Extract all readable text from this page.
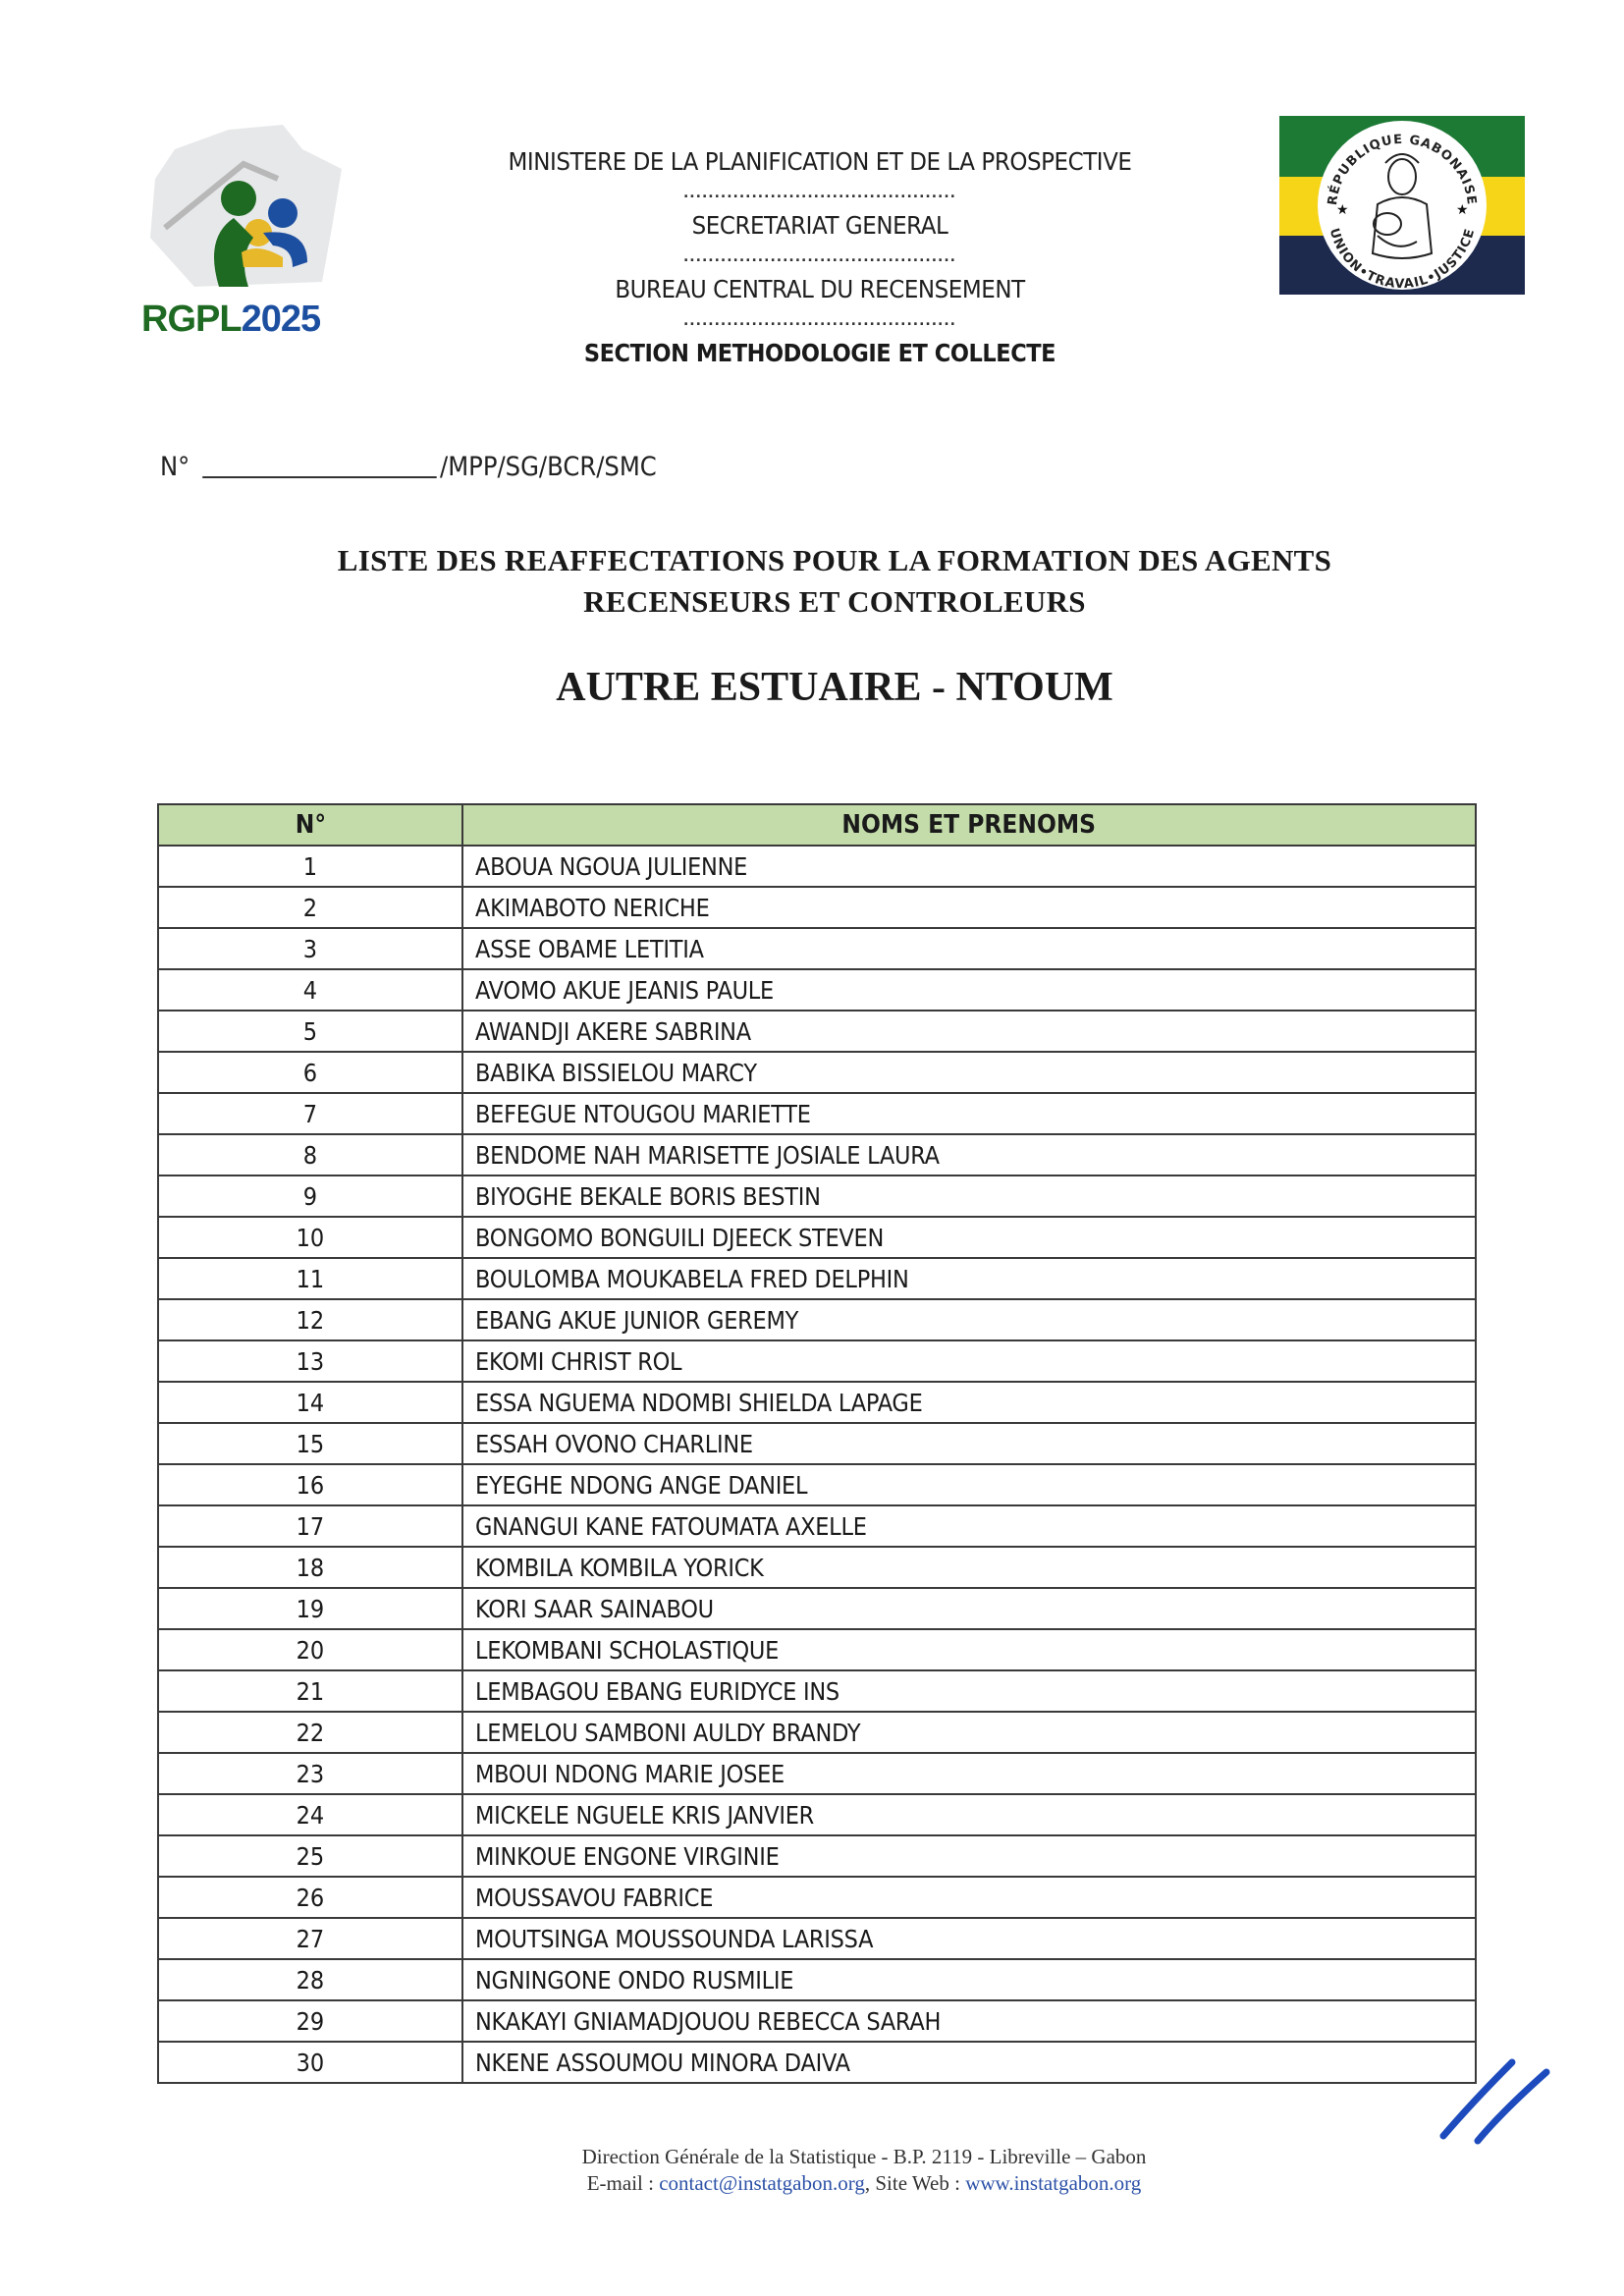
RGPL2025
MINISTERE DE LA PLANIFICATION ET DE LA PROSPECTIVE
............................................
SECRETARIAT GENERAL
............................................
BUREAU CENTRAL DU RECENSEMENT
............................................
SECTION METHODOLOGIE ET COLLECTE
RÉPUBLIQUE GABONAISE
UNION•TRAVAIL•JUSTICE
★	★
N°	/MPP/SG/BCR/SMC
LISTE DES REAFFECTATIONS POUR LA FORMATION DES AGENTS
RECENSEURS ET CONTROLEURS
AUTRE ESTUAIRE - NTOUM
N°	NOMS ET PRENOMS
1	ABOUA NGOUA JULIENNE
2	AKIMABOTO NERICHE
3	ASSE OBAME LETITIA
4	AVOMO AKUE JEANIS PAULE
5	AWANDJI AKERE SABRINA
6	BABIKA BISSIELOU MARCY
7	BEFEGUE NTOUGOU MARIETTE
8	BENDOME NAH MARISETTE JOSIALE LAURA
9	BIYOGHE BEKALE BORIS BESTIN
10	BONGOMO BONGUILI DJEECK STEVEN
11	BOULOMBA MOUKABELA FRED DELPHIN
12	EBANG AKUE JUNIOR GEREMY
13	EKOMI CHRIST ROL
14	ESSA NGUEMA NDOMBI SHIELDA LAPAGE
15	ESSAH OVONO CHARLINE
16	EYEGHE NDONG ANGE DANIEL
17	GNANGUI KANE FATOUMATA AXELLE
18	KOMBILA KOMBILA YORICK
19	KORI SAAR SAINABOU
20	LEKOMBANI SCHOLASTIQUE
21	LEMBAGOU EBANG EURIDYCE INS
22	LEMELOU SAMBONI AULDY BRANDY
23	MBOUI NDONG MARIE JOSEE
24	MICKELE NGUELE KRIS JANVIER
25	MINKOUE ENGONE VIRGINIE
26	MOUSSAVOU FABRICE
27	MOUTSINGA MOUSSOUNDA LARISSA
28	NGNINGONE ONDO RUSMILIE
29	NKAKAYI GNIAMADJOUOU REBECCA SARAH
30	NKENE ASSOUMOU MINORA DAIVA
Direction Générale de la Statistique - B.P. 2119 - Libreville – Gabon
E-mail : contact@instatgabon.org, Site Web : www.instatgabon.org
